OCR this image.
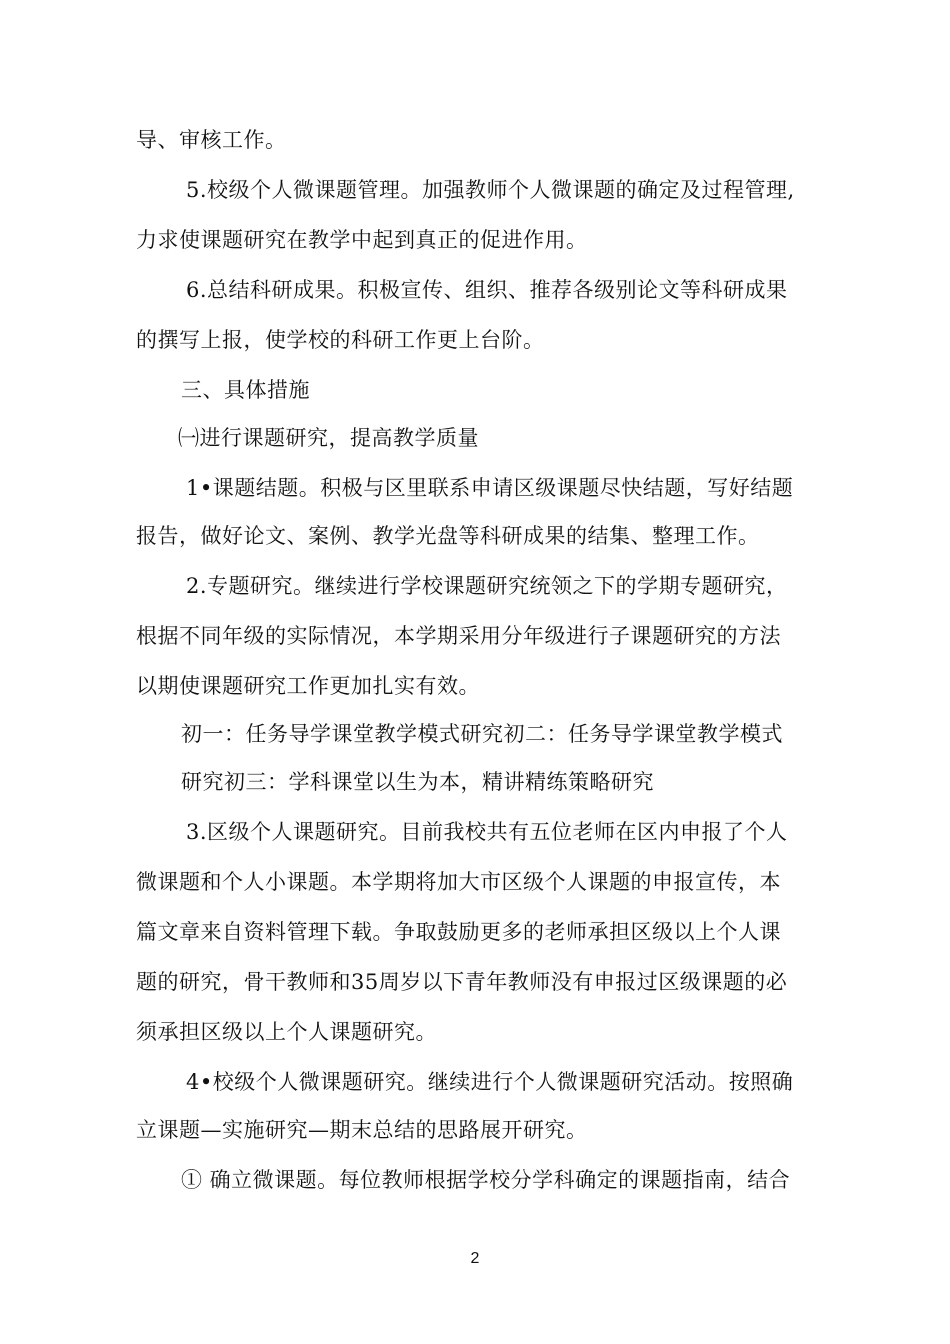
导、审核工作。
5.校级个人微课题管理。加强教师个人微课题的确定及过程管理,
力求使课题研究在教学中起到真正的促进作用。
6.总结科研成果。积极宣传、组织、推荐各级别论文等科研成果
的撰写上报，使学校的科研工作更上台阶。
三、具体措施
㈠进行课题研究，提高教学质量
1•课题结题。积极与区里联系申请区级课题尽快结题，写好结题
报告，做好论文、案例、教学光盘等科研成果的结集、整理工作。
2.专题研究。继续进行学校课题研究统领之下的学期专题研究，
根据不同年级的实际情况，本学期采用分年级进行子课题研究的方法
以期使课题研究工作更加扎实有效。
初一：任务导学课堂教学模式研究初二：任务导学课堂教学模式
研究初三：学科课堂以生为本，精讲精练策略研究
3.区级个人课题研究。目前我校共有五位老师在区内申报了个人
微课题和个人小课题。本学期将加大市区级个人课题的申报宣传，本
篇文章来自资料管理下载。争取鼓励更多的老师承担区级以上个人课
题的研究，骨干教师和35周岁以下青年教师没有申报过区级课题的必
须承担区级以上个人课题研究。
4•校级个人微课题研究。继续进行个人微课题研究活动。按照确
立课题—实施研究—期末总结的思路展开研究。
① 确立微课题。每位教师根据学校分学科确定的课题指南，结合
2
